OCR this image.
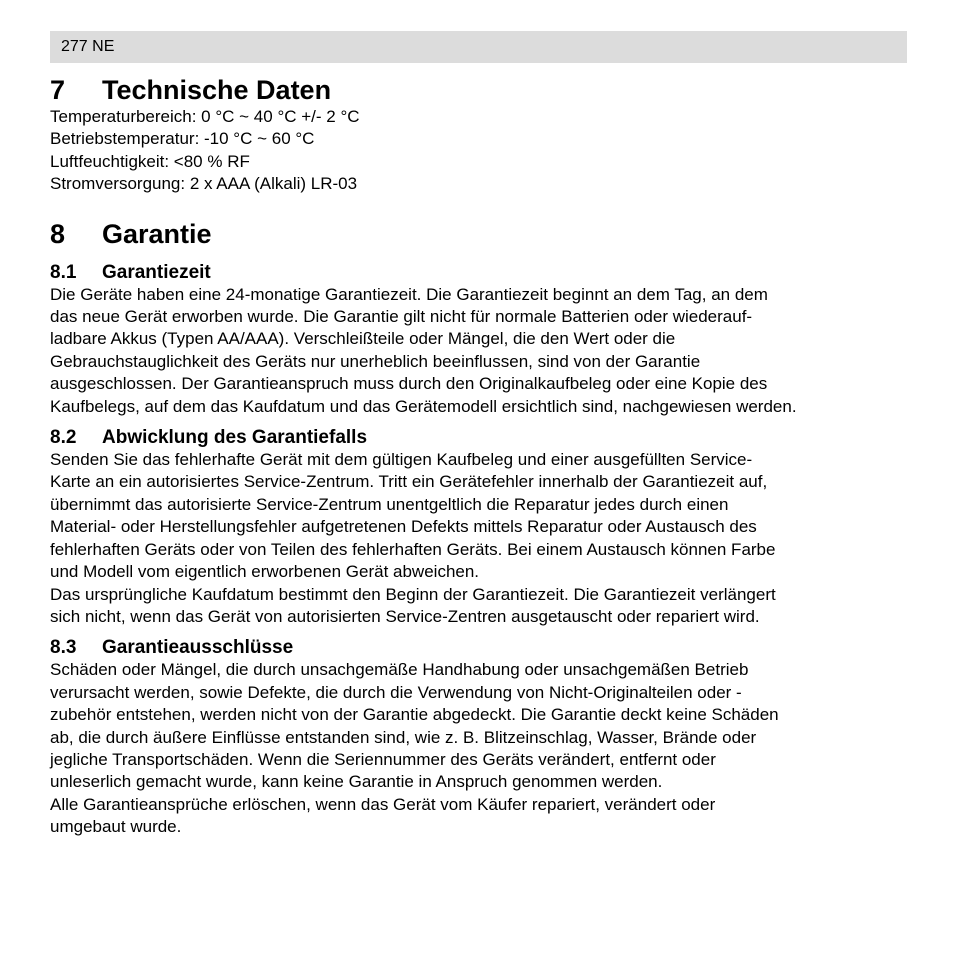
277 NE
7	Technische Daten
Temperaturbereich: 0 °C ~ 40 °C +/- 2 °C
Betriebstemperatur: -10 °C ~ 60 °C
Luftfeuchtigkeit: <80 % RF
Stromversorgung: 2 x AAA (Alkali) LR-03
8	Garantie
8.1	Garantiezeit
Die Geräte haben eine 24-monatige Garantiezeit. Die Garantiezeit beginnt an dem Tag, an dem
das neue Gerät erworben wurde. Die Garantie gilt nicht für normale Batterien oder wiederauf-
ladbare Akkus (Typen AA/AAA). Verschleißteile oder Mängel, die den Wert oder die
Gebrauchstauglichkeit des Geräts nur unerheblich beeinflussen, sind von der Garantie
ausgeschlossen. Der Garantieanspruch muss durch den Originalkaufbeleg oder eine Kopie des
Kaufbelegs, auf dem das Kaufdatum und das Gerätemodell ersichtlich sind, nachgewiesen werden.
8.2	Abwicklung des Garantiefalls
Senden Sie das fehlerhafte Gerät mit dem gültigen Kaufbeleg und einer ausgefüllten Service-
Karte an ein autorisiertes Service-Zentrum. Tritt ein Gerätefehler innerhalb der Garantiezeit auf,
übernimmt das autorisierte Service-Zentrum unentgeltlich die Reparatur jedes durch einen
Material- oder Herstellungsfehler aufgetretenen Defekts mittels Reparatur oder Austausch des
fehlerhaften Geräts oder von Teilen des fehlerhaften Geräts. Bei einem Austausch können Farbe
und Modell vom eigentlich erworbenen Gerät abweichen.
Das ursprüngliche Kaufdatum bestimmt den Beginn der Garantiezeit. Die Garantiezeit verlängert
sich nicht, wenn das Gerät von autorisierten Service-Zentren ausgetauscht oder repariert wird.
8.3	Garantieausschlüsse
Schäden oder Mängel, die durch unsachgemäße Handhabung oder unsachgemäßen Betrieb
verursacht werden, sowie Defekte, die durch die Verwendung von Nicht-Originalteilen oder -
zubehör entstehen, werden nicht von der Garantie abgedeckt. Die Garantie deckt keine Schäden
ab, die durch äußere Einflüsse entstanden sind, wie z. B. Blitzeinschlag, Wasser, Brände oder
jegliche Transportschäden. Wenn die Seriennummer des Geräts verändert, entfernt oder
unleserlich gemacht wurde, kann keine Garantie in Anspruch genommen werden.
Alle Garantieansprüche erlöschen, wenn das Gerät vom Käufer repariert, verändert oder
umgebaut wurde.
